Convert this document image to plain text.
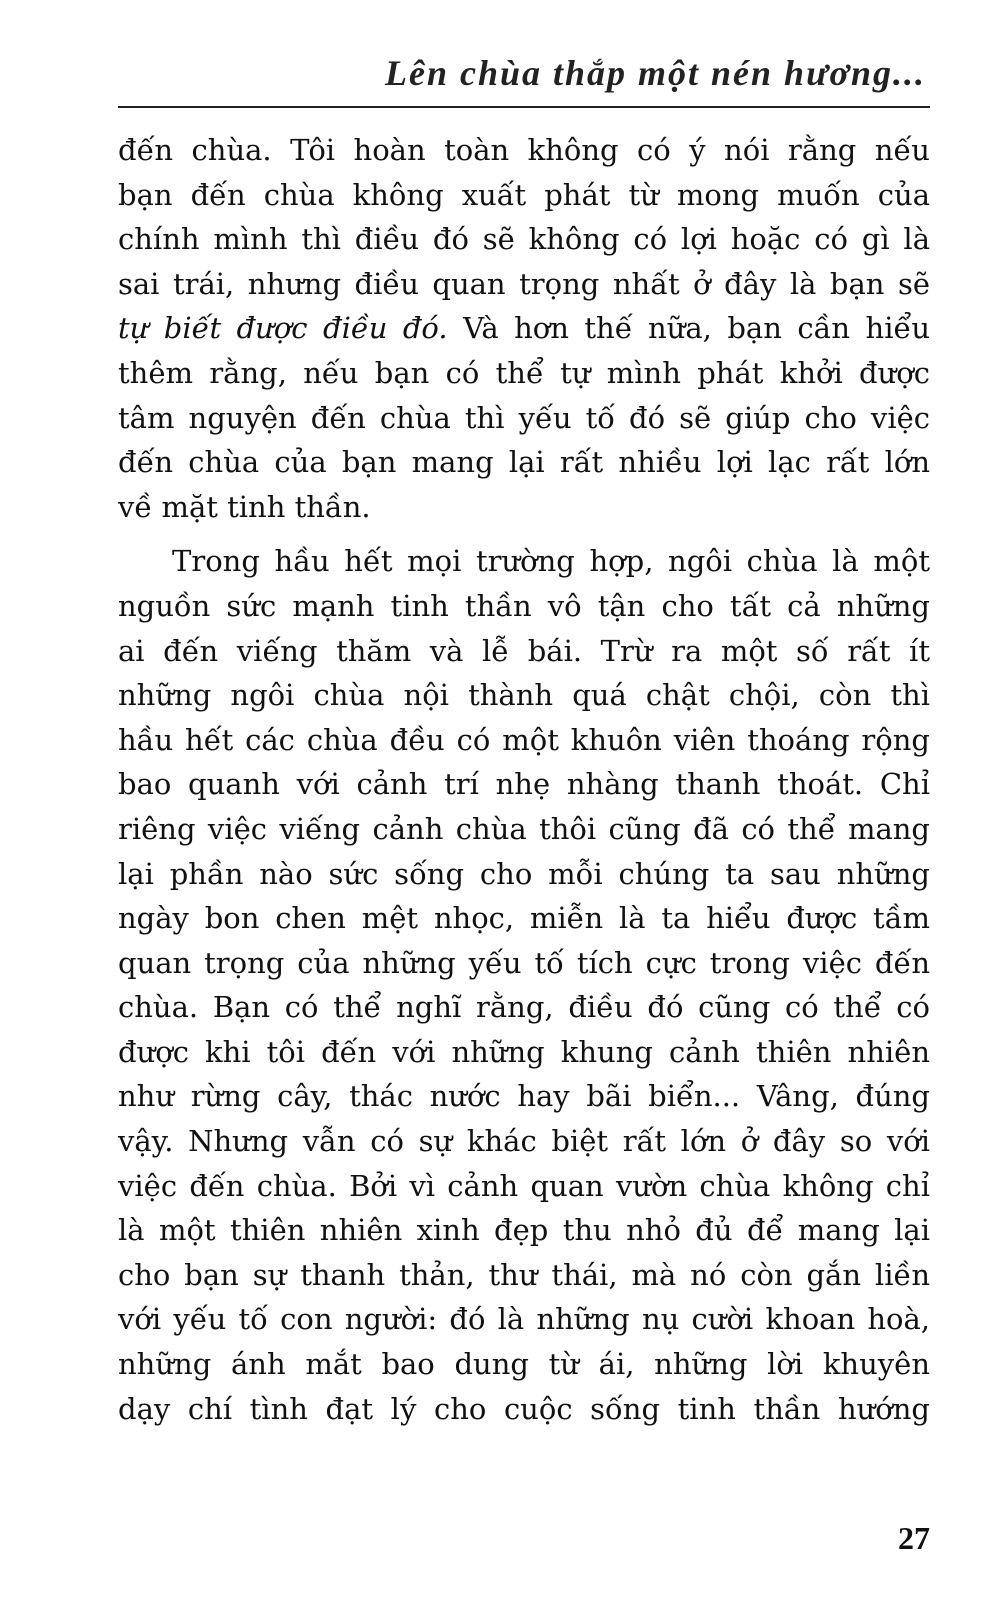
Lên chùa thắp một nén hương...
đến chùa. Tôi hoàn toàn không có ý nói rằng nếu
bạn đến chùa không xuất phát từ mong muốn của
chính mình thì điều đó sẽ không có lợi hoặc có gì là
sai trái, nhưng điều quan trọng nhất ở đây là bạn sẽ
tự biết được điều đó. Và hơn thế nữa, bạn cần hiểu
thêm rằng, nếu bạn có thể tự mình phát khởi được
tâm nguyện đến chùa thì yếu tố đó sẽ giúp cho việc
đến chùa của bạn mang lại rất nhiều lợi lạc rất lớn
về mặt tinh thần.
Trong hầu hết mọi trường hợp, ngôi chùa là một
nguồn sức mạnh tinh thần vô tận cho tất cả những
ai đến viếng thăm và lễ bái. Trừ ra một số rất ít
những ngôi chùa nội thành quá chật chội, còn thì
hầu hết các chùa đều có một khuôn viên thoáng rộng
bao quanh với cảnh trí nhẹ nhàng thanh thoát. Chỉ
riêng việc viếng cảnh chùa thôi cũng đã có thể mang
lại phần nào sức sống cho mỗi chúng ta sau những
ngày bon chen mệt nhọc, miễn là ta hiểu được tầm
quan trọng của những yếu tố tích cực trong việc đến
chùa. Bạn có thể nghĩ rằng, điều đó cũng có thể có
được khi tôi đến với những khung cảnh thiên nhiên
như rừng cây, thác nước hay bãi biển... Vâng, đúng
vậy. Nhưng vẫn có sự khác biệt rất lớn ở đây so với
việc đến chùa. Bởi vì cảnh quan vườn chùa không chỉ
là một thiên nhiên xinh đẹp thu nhỏ đủ để mang lại
cho bạn sự thanh thản, thư thái, mà nó còn gắn liền
với yếu tố con người: đó là những nụ cười khoan hoà,
những ánh mắt bao dung từ ái, những lời khuyên
dạy chí tình đạt lý cho cuộc sống tinh thần hướng
27
